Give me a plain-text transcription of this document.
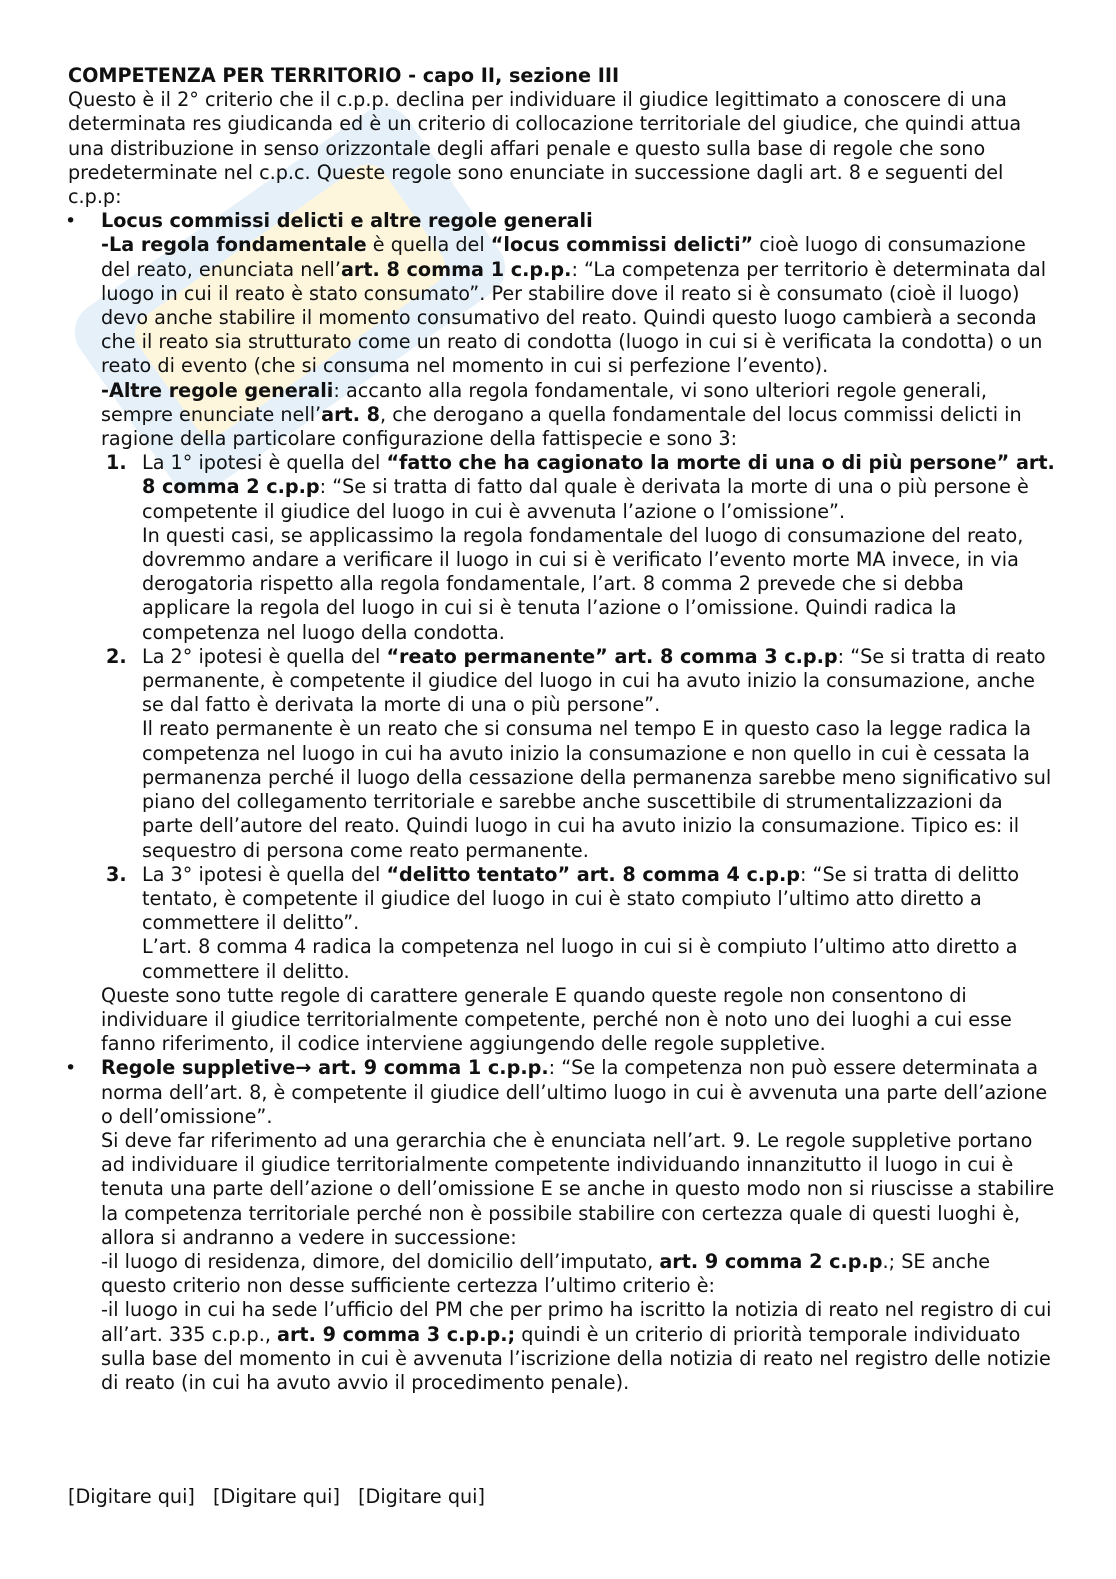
COMPETENZA PER TERRITORIO - capo II, sezione III

Questo è il 2° criterio che il c.p.p. declina per individuare il giudice legittimato a conoscere di una determinata res giudicanda ed è un criterio di collocazione territoriale del giudice, che quindi attua una distribuzione in senso orizzontale degli affari penale e questo sulla base di regole che sono predeterminate nel c.p.c. Queste regole sono enunciate in successione dagli art. 8 e seguenti del c.p.p:

• Locus commissi delicti e altre regole generali

-La regola fondamentale è quella del “locus commissi delicti” cioè luogo di consumazione del reato, enunciata nell’art. 8 comma 1 c.p.p.: “La competenza per territorio è determinata dal luogo in cui il reato è stato consumato”. Per stabilire dove il reato si è consumato (cioè il luogo) devo anche stabilire il momento consumativo del reato. Quindi questo luogo cambierà a seconda che il reato sia strutturato come un reato di condotta (luogo in cui si è verificata la condotta) o un reato di evento (che si consuma nel momento in cui si perfezione l’evento).

-Altre regole generali: accanto alla regola fondamentale, vi sono ulteriori regole generali, sempre enunciate nell’art. 8, che derogano a quella fondamentale del locus commissi delicti in ragione della particolare configurazione della fattispecie e sono 3:

1. La 1° ipotesi è quella del “fatto che ha cagionato la morte di una o di più persone” art. 8 comma 2 c.p.p: “Se si tratta di fatto dal quale è derivata la morte di una o più persone è competente il giudice del luogo in cui è avvenuta l’azione o l’omissione”.

In questi casi, se applicassimo la regola fondamentale del luogo di consumazione del reato, dovremmo andare a verificare il luogo in cui si è verificato l’evento morte MA invece, in via derogatoria rispetto alla regola fondamentale, l’art. 8 comma 2 prevede che si debba applicare la regola del luogo in cui si è tenuta l’azione o l’omissione. Quindi radica la competenza nel luogo della condotta.

2. La 2° ipotesi è quella del “reato permanente” art. 8 comma 3 c.p.p: “Se si tratta di reato permanente, è competente il giudice del luogo in cui ha avuto inizio la consumazione, anche se dal fatto è derivata la morte di una o più persone”.

Il reato permanente è un reato che si consuma nel tempo E in questo caso la legge radica la competenza nel luogo in cui ha avuto inizio la consumazione e non quello in cui è cessata la permanenza perché il luogo della cessazione della permanenza sarebbe meno significativo sul piano del collegamento territoriale e sarebbe anche suscettibile di strumentalizzazioni da parte dell’autore del reato. Quindi luogo in cui ha avuto inizio la consumazione. Tipico es: il sequestro di persona come reato permanente.

3. La 3° ipotesi è quella del “delitto tentato” art. 8 comma 4 c.p.p: “Se si tratta di delitto tentato, è competente il giudice del luogo in cui è stato compiuto l’ultimo atto diretto a commettere il delitto”.

L’art. 8 comma 4 radica la competenza nel luogo in cui si è compiuto l’ultimo atto diretto a commettere il delitto.

Queste sono tutte regole di carattere generale E quando queste regole non consentono di individuare il giudice territorialmente competente, perché non è noto uno dei luoghi a cui esse fanno riferimento, il codice interviene aggiungendo delle regole suppletive.

• Regole suppletive→ art. 9 comma 1 c.p.p.: “Se la competenza non può essere determinata a norma dell’art. 8, è competente il giudice dell’ultimo luogo in cui è avvenuta una parte dell’azione o dell’omissione”.

Si deve far riferimento ad una gerarchia che è enunciata nell’art. 9. Le regole suppletive portano ad individuare il giudice territorialmente competente individuando innanzitutto il luogo in cui è tenuta una parte dell’azione o dell’omissione E se anche in questo modo non si riuscisse a stabilire la competenza territoriale perché non è possibile stabilire con certezza quale di questi luoghi è, allora si andranno a vedere in successione:

-il luogo di residenza, dimore, del domicilio dell’imputato, art. 9 comma 2 c.p.p.; SE anche questo criterio non desse sufficiente certezza l’ultimo criterio è:

-il luogo in cui ha sede l’ufficio del PM che per primo ha iscritto la notizia di reato nel registro di cui all’art. 335 c.p.p., art. 9 comma 3 c.p.p.; quindi è un criterio di priorità temporale individuato sulla base del momento in cui è avvenuta l’iscrizione della notizia di reato nel registro delle notizie di reato (in cui ha avuto avvio il procedimento penale).

[Digitare qui] [Digitare qui] [Digitare qui]
